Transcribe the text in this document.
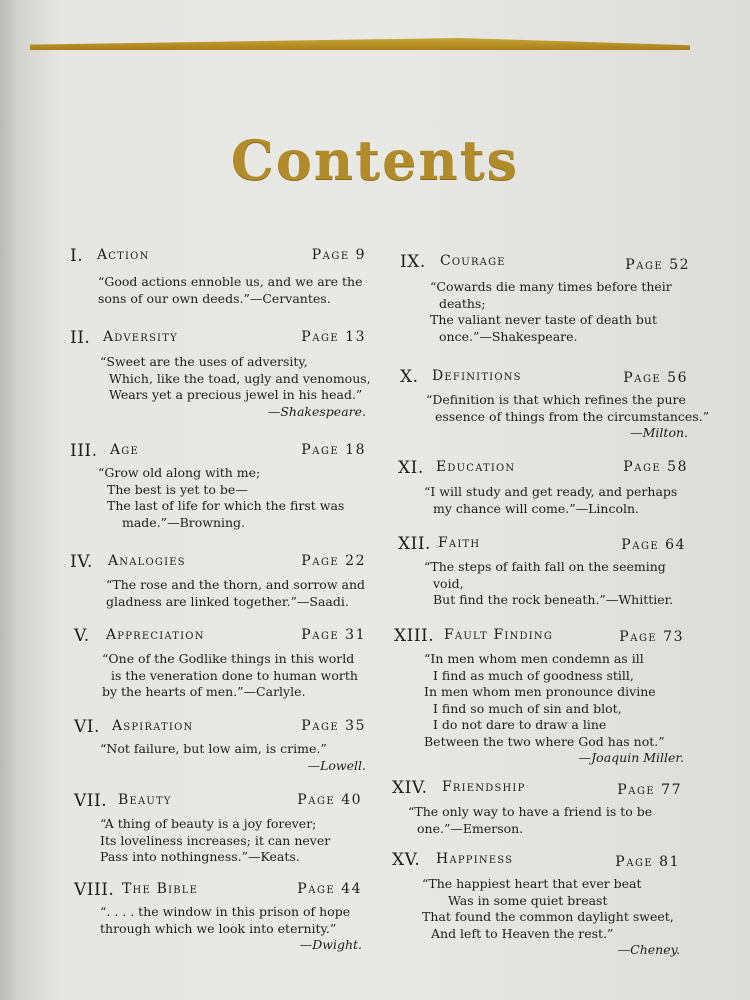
Contents
I. Action	Page 9
“Good actions ennoble us, and we are the
sons of our own deeds.”—Cervantes.
II. Adversity	Page 13
“Sweet are the uses of adversity,
Which, like the toad, ugly and venomous,
Wears yet a precious jewel in his head.”
—Shakespeare.
III. Age	Page 18
“Grow old along with me;
The best is yet to be—
The last of life for which the first was
made.”—Browning.
IV. Analogies	Page 22
“The rose and the thorn, and sorrow and
gladness are linked together.”—Saadi.
V. Appreciation	Page 31
“One of the Godlike things in this world
is the veneration done to human worth
by the hearts of men.”—Carlyle.
VI. Aspiration	Page 35
“Not failure, but low aim, is crime.”
—Lowell.
VII. Beauty	Page 40
“A thing of beauty is a joy forever;
Its loveliness increases; it can never
Pass into nothingness.”—Keats.
VIII. The Bible	Page 44
“. . . . the window in this prison of hope
through which we look into eternity.”
—Dwight.
IX. Courage	Page 52
“Cowards die many times before their
deaths;
The valiant never taste of death but
once.”—Shakespeare.
X. Definitions	Page 56
“Definition is that which refines the pure
essence of things from the circumstances.”
—Milton.
XI. Education	Page 58
“I will study and get ready, and perhaps
my chance will come.”—Lincoln.
XII. Faith	Page 64
“The steps of faith fall on the seeming
void,
But find the rock beneath.”—Whittier.
XIII. Fault Finding	Page 73
“In men whom men condemn as ill
I find as much of goodness still,
In men whom men pronounce divine
I find so much of sin and blot,
I do not dare to draw a line
Between the two where God has not.”
—Joaquin Miller.
XIV. Friendship	Page 77
“The only way to have a friend is to be
one.”—Emerson.
XV. Happiness	Page 81
“The happiest heart that ever beat
Was in some quiet breast
That found the common daylight sweet,
And left to Heaven the rest.”
—Cheney.
